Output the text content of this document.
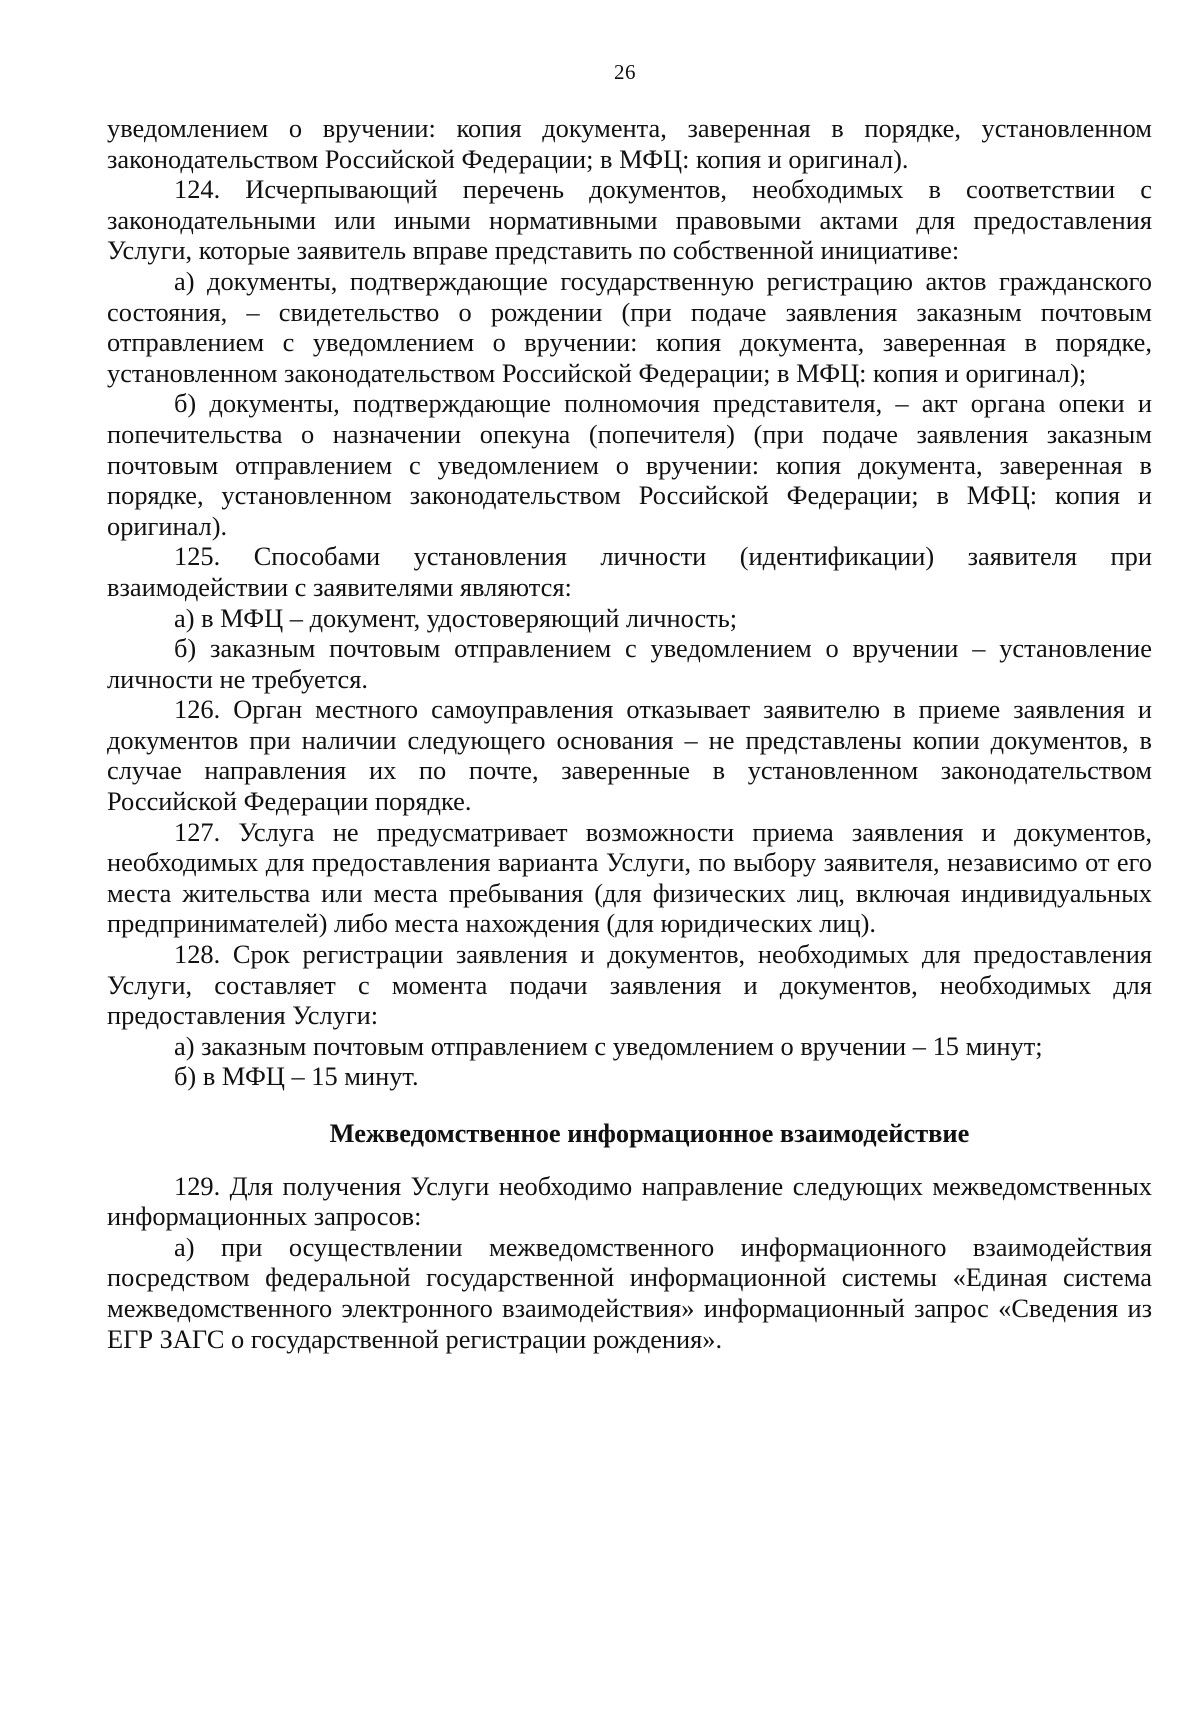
26

уведомлением о вручении: копия документа, заверенная в порядке, установленном законодательством Российской Федерации; в МФЦ: копия и оригинал).

124. Исчерпывающий перечень документов, необходимых в соответствии с законодательными или иными нормативными правовыми актами для предоставления Услуги, которые заявитель вправе представить по собственной инициативе:

а) документы, подтверждающие государственную регистрацию актов гражданского состояния, – свидетельство о рождении (при подаче заявления заказным почтовым отправлением с уведомлением о вручении: копия документа, заверенная в порядке, установленном законодательством Российской Федерации; в МФЦ: копия и оригинал);

б) документы, подтверждающие полномочия представителя, – акт органа опеки и попечительства о назначении опекуна (попечителя) (при подаче заявления заказным почтовым отправлением с уведомлением о вручении: копия документа, заверенная в порядке, установленном законодательством Российской Федерации; в МФЦ: копия и оригинал).

125. Способами установления личности (идентификации) заявителя при взаимодействии с заявителями являются:

а) в МФЦ – документ, удостоверяющий личность;

б) заказным почтовым отправлением с уведомлением о вручении – установление личности не требуется.

126. Орган местного самоуправления отказывает заявителю в приеме заявления и документов при наличии следующего основания – не представлены копии документов, в случае направления их по почте, заверенные в установленном законодательством Российской Федерации порядке.

127. Услуга не предусматривает возможности приема заявления и документов, необходимых для предоставления варианта Услуги, по выбору заявителя, независимо от его места жительства или места пребывания (для физических лиц, включая индивидуальных предпринимателей) либо места нахождения (для юридических лиц).

128. Срок регистрации заявления и документов, необходимых для предоставления Услуги, составляет с момента подачи заявления и документов, необходимых для предоставления Услуги:

а) заказным почтовым отправлением с уведомлением о вручении – 15 минут;

б) в МФЦ – 15 минут.

Межведомственное информационное взаимодействие

129. Для получения Услуги необходимо направление следующих межведомственных информационных запросов:

а) при осуществлении межведомственного информационного взаимодействия посредством федеральной государственной информационной системы «Единая система межведомственного электронного взаимодействия» информационный запрос «Сведения из ЕГР ЗАГС о государственной регистрации рождения».
